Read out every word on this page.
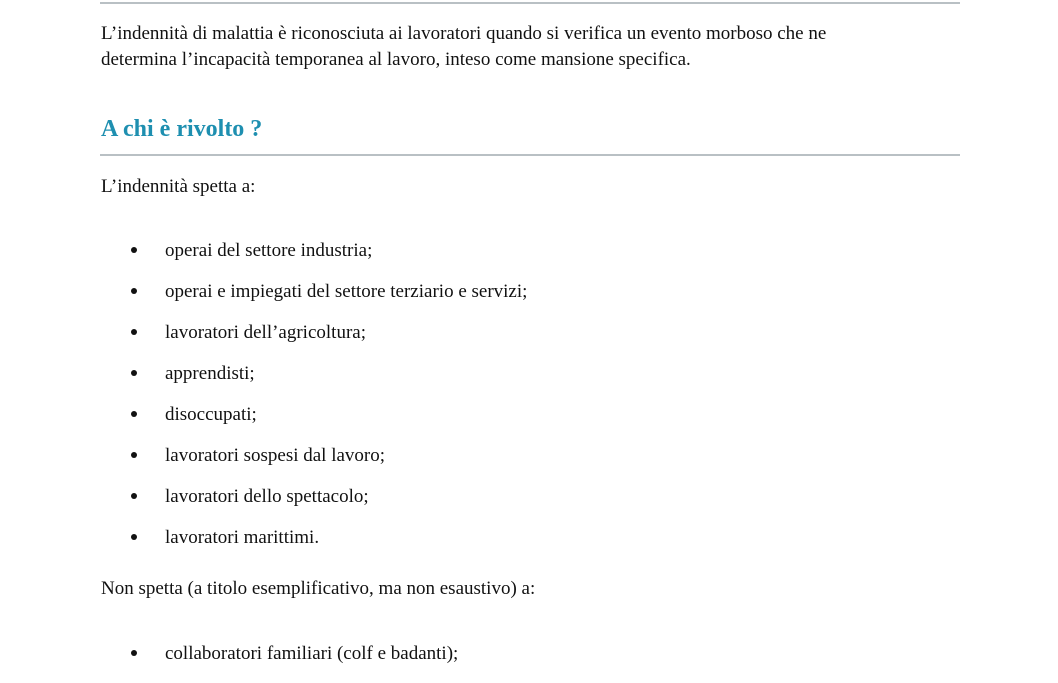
L’indennità di malattia è riconosciuta ai lavoratori quando si verifica un evento morboso che ne
determina l’incapacità temporanea al lavoro, inteso come mansione specifica.

A chi è rivolto ?

L’indennità spetta a:

operai del settore industria;
operai e impiegati del settore terziario e servizi;
lavoratori dell’agricoltura;
apprendisti;
disoccupati;
lavoratori sospesi dal lavoro;
lavoratori dello spettacolo;
lavoratori marittimi.

Non spetta (a titolo esemplificativo, ma non esaustivo) a:

collaboratori familiari (colf e badanti);
